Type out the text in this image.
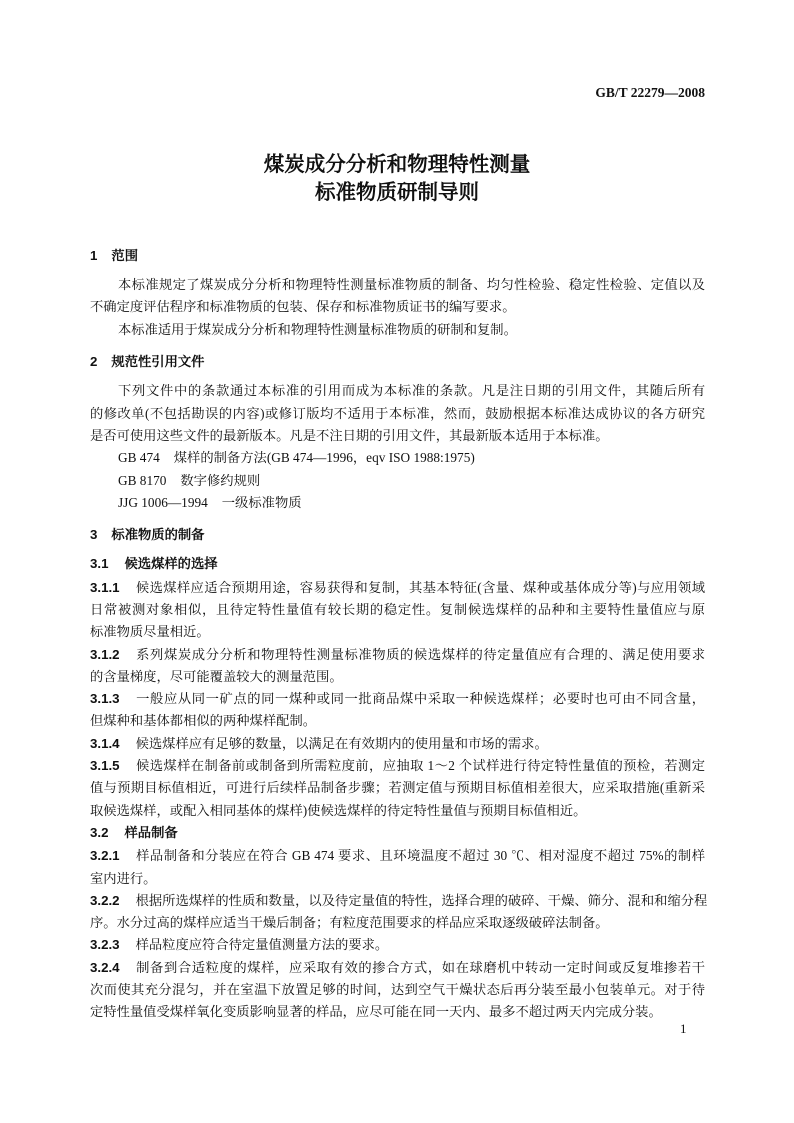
GB/T 22279—2008
煤炭成分分析和物理特性测量
标准物质研制导则
1 范围
本标准规定了煤炭成分分析和物理特性测量标准物质的制备、均匀性检验、稳定性检验、定值以及
不确定度评估程序和标准物质的包装、保存和标准物质证书的编写要求。
本标准适用于煤炭成分分析和物理特性测量标准物质的研制和复制。
2 规范性引用文件
下列文件中的条款通过本标准的引用而成为本标准的条款。凡是注日期的引用文件，其随后所有
的修改单(不包括勘误的内容)或修订版均不适用于本标准，然而，鼓励根据本标准达成协议的各方研究
是否可使用这些文件的最新版本。凡是不注日期的引用文件，其最新版本适用于本标准。
GB 474 煤样的制备方法(GB 474—1996，eqv ISO 1988:1975)
GB 8170 数字修约规则
JJG 1006—1994 一级标准物质
3 标准物质的制备
3.1 候选煤样的选择
3.1.1 候选煤样应适合预期用途，容易获得和复制，其基本特征(含量、煤种或基体成分等)与应用领域
日常被测对象相似，且待定特性量值有较长期的稳定性。复制候选煤样的品种和主要特性量值应与原
标准物质尽量相近。
3.1.2 系列煤炭成分分析和物理特性测量标准物质的候选煤样的待定量值应有合理的、满足使用要求
的含量梯度，尽可能覆盖较大的测量范围。
3.1.3 一般应从同一矿点的同一煤种或同一批商品煤中采取一种候选煤样；必要时也可由不同含量，
但煤种和基体都相似的两种煤样配制。
3.1.4 候选煤样应有足够的数量，以满足在有效期内的使用量和市场的需求。
3.1.5 候选煤样在制备前或制备到所需粒度前，应抽取 1～2 个试样进行待定特性量值的预检，若测定
值与预期目标值相近，可进行后续样品制备步骤；若测定值与预期目标值相差很大，应采取措施(重新采
取候选煤样，或配入相同基体的煤样)使候选煤样的待定特性量值与预期目标值相近。
3.2 样品制备
3.2.1 样品制备和分装应在符合 GB 474 要求、且环境温度不超过 30 ℃、相对湿度不超过 75%的制样
室内进行。
3.2.2 根据所选煤样的性质和数量，以及待定量值的特性，选择合理的破碎、干燥、筛分、混和和缩分程
序。水分过高的煤样应适当干燥后制备；有粒度范围要求的样品应采取逐级破碎法制备。
3.2.3 样品粒度应符合待定量值测量方法的要求。
3.2.4 制备到合适粒度的煤样，应采取有效的掺合方式，如在球磨机中转动一定时间或反复堆掺若干
次而使其充分混匀，并在室温下放置足够的时间，达到空气干燥状态后再分装至最小包装单元。对于待
定特性量值受煤样氧化变质影响显著的样品，应尽可能在同一天内、最多不超过两天内完成分装。
1
